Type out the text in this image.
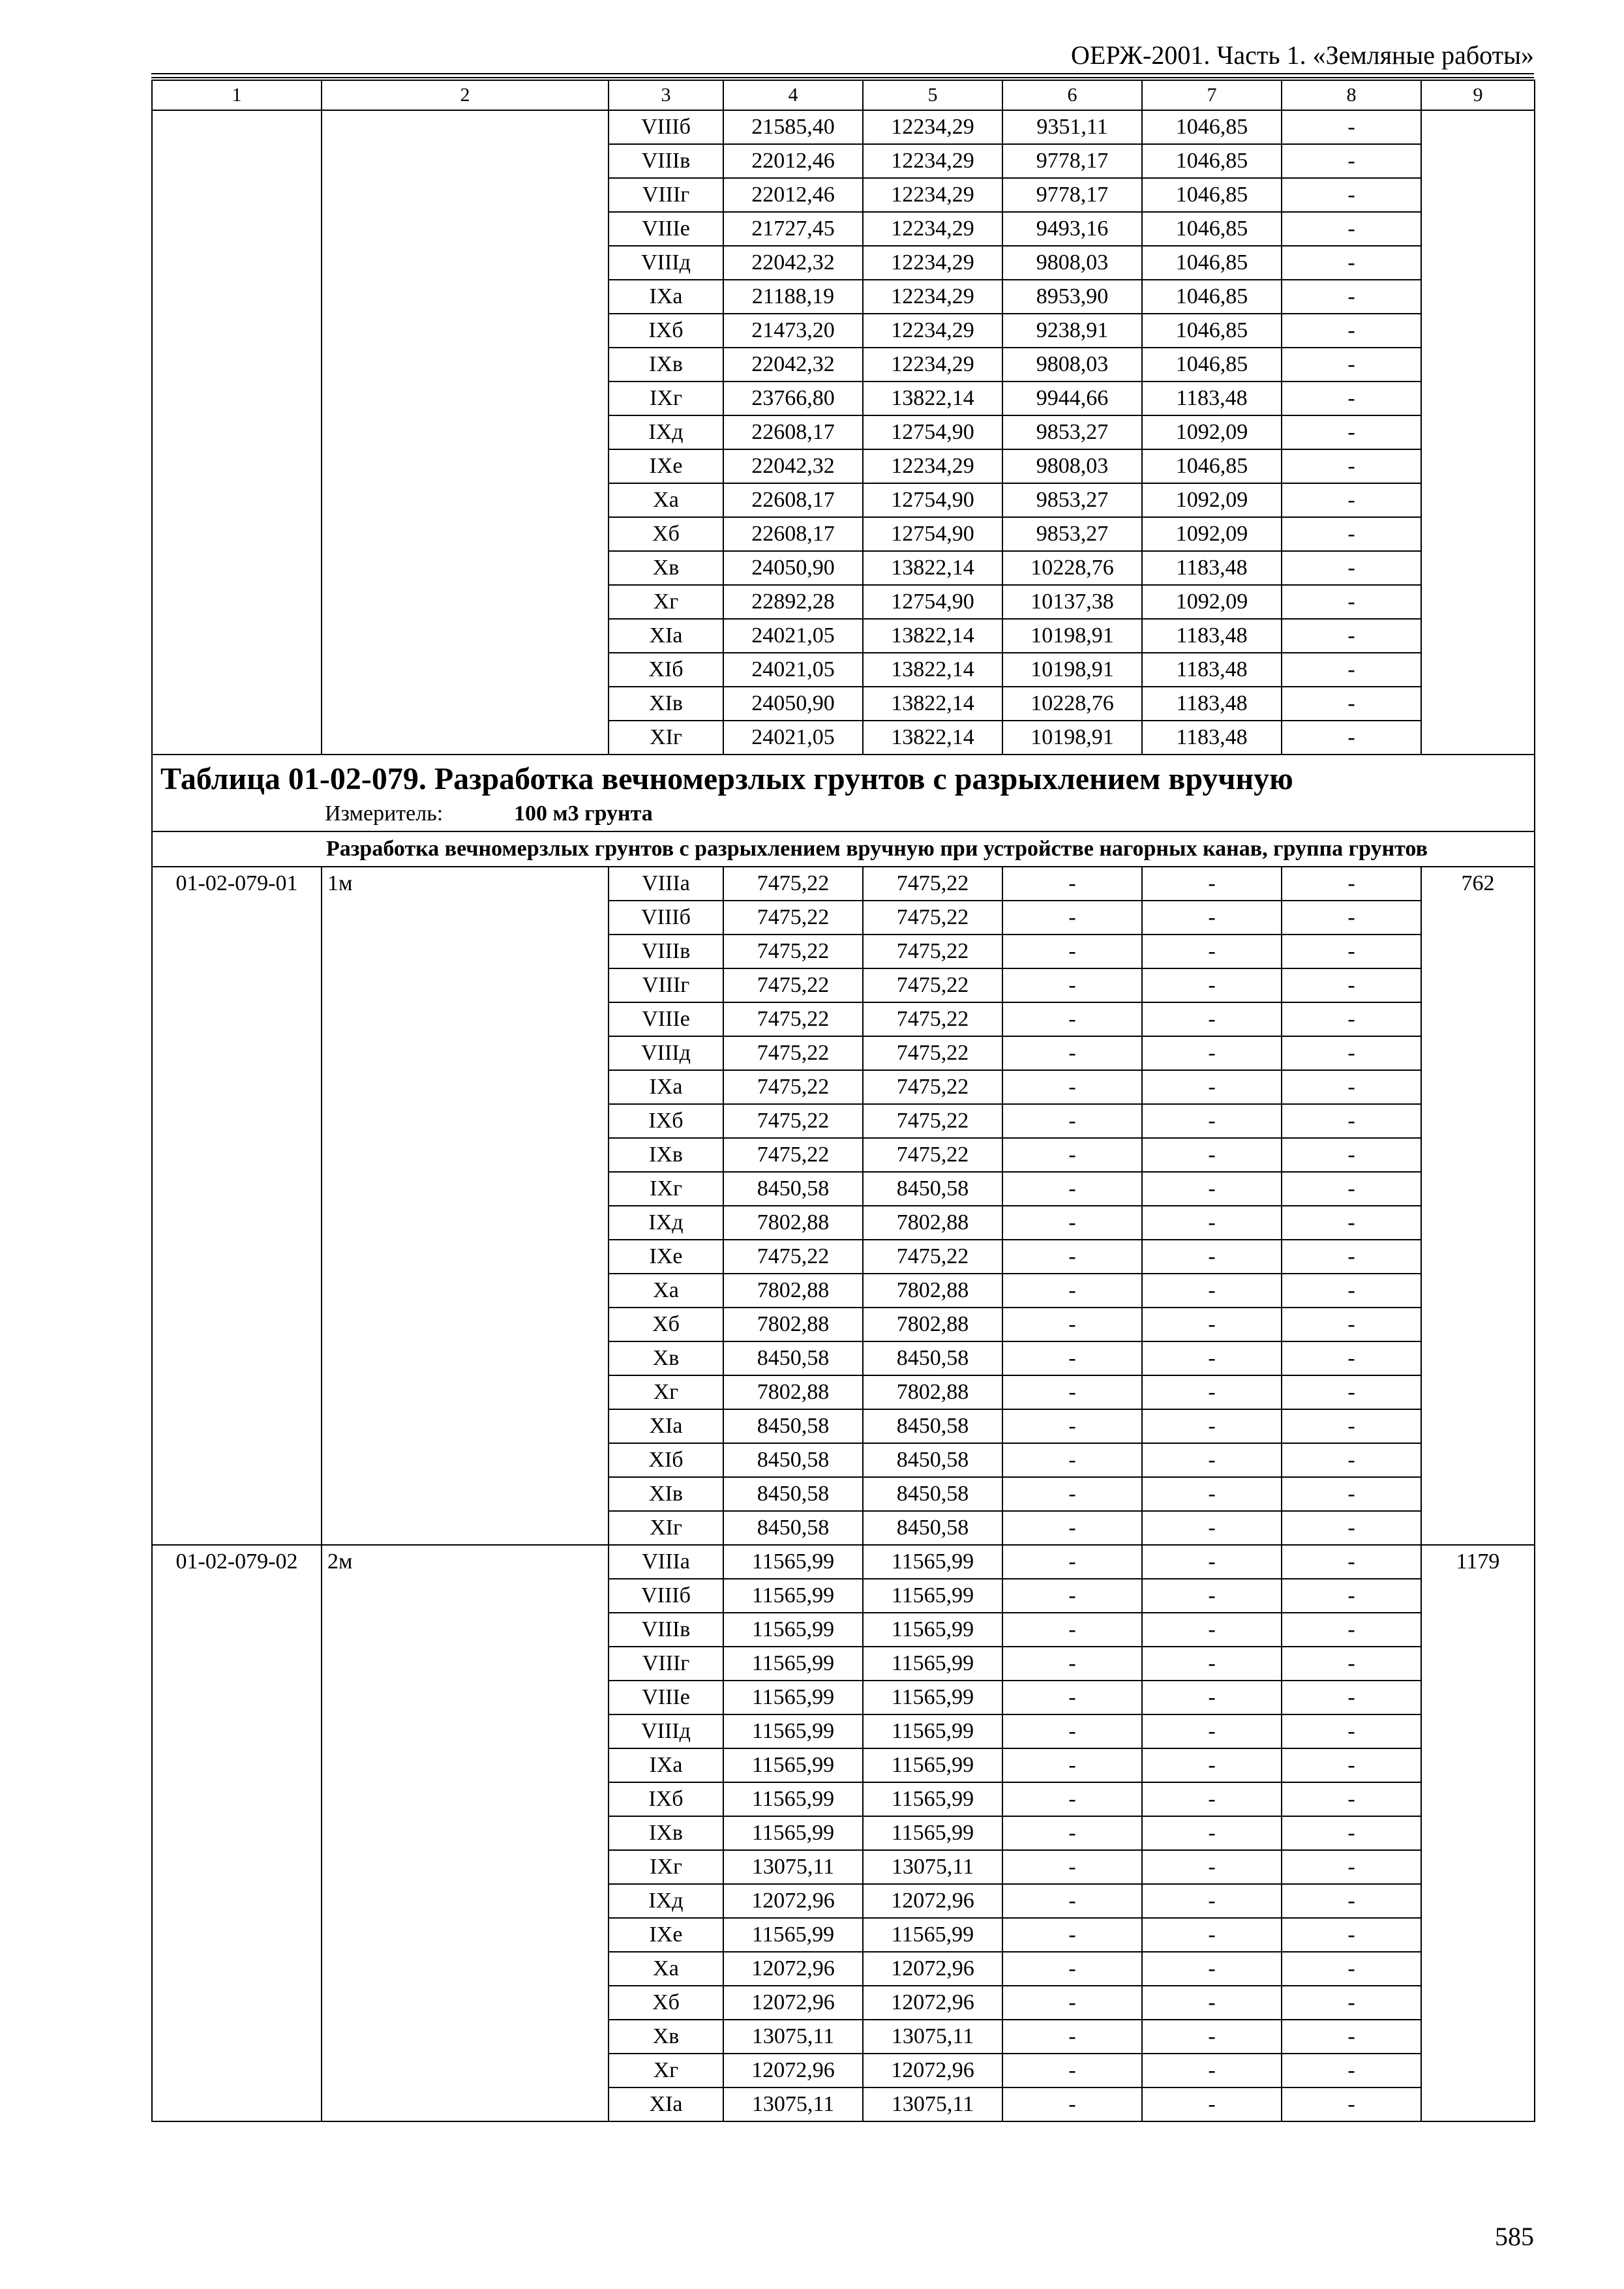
ОЕРЖ-2001. Часть 1. «Земляные работы»
1	2	3	4	5	6	7	8	9
		VIIIб	21585,40	12234,29	9351,11	1046,85	-	
		VIIIв	22012,46	12234,29	9778,17	1046,85	-	
		VIIIг	22012,46	12234,29	9778,17	1046,85	-	
		VIIIе	21727,45	12234,29	9493,16	1046,85	-	
		VIIIд	22042,32	12234,29	9808,03	1046,85	-	
		IXа	21188,19	12234,29	8953,90	1046,85	-	
		IXб	21473,20	12234,29	9238,91	1046,85	-	
		IXв	22042,32	12234,29	9808,03	1046,85	-	
		IXг	23766,80	13822,14	9944,66	1183,48	-	
		IXд	22608,17	12754,90	9853,27	1092,09	-	
		IXе	22042,32	12234,29	9808,03	1046,85	-	
		Xа	22608,17	12754,90	9853,27	1092,09	-	
		Xб	22608,17	12754,90	9853,27	1092,09	-	
		Xв	24050,90	13822,14	10228,76	1183,48	-	
		Xг	22892,28	12754,90	10137,38	1092,09	-	
		XIа	24021,05	13822,14	10198,91	1183,48	-	
		XIб	24021,05	13822,14	10198,91	1183,48	-	
		XIв	24050,90	13822,14	10228,76	1183,48	-	
		XIг	24021,05	13822,14	10198,91	1183,48	-	

Таблица 01-02-079. Разработка вечномерзлых грунтов с разрыхлением вручную
Измеритель: 100 м3 грунта								

Разработка вечномерзлых грунтов с разрыхлением вручную при устройстве нагорных канав, группа грунтов								
01-02-079-01	1м	VIIIа	7475,22	7475,22	-	-	-	762
		VIIIб	7475,22	7475,22	-	-	-	
		VIIIв	7475,22	7475,22	-	-	-	
		VIIIг	7475,22	7475,22	-	-	-	
		VIIIе	7475,22	7475,22	-	-	-	
		VIIIд	7475,22	7475,22	-	-	-	
		IXа	7475,22	7475,22	-	-	-	
		IXб	7475,22	7475,22	-	-	-	
		IXв	7475,22	7475,22	-	-	-	
		IXг	8450,58	8450,58	-	-	-	
		IXд	7802,88	7802,88	-	-	-	
		IXе	7475,22	7475,22	-	-	-	
		Xа	7802,88	7802,88	-	-	-	
		Xб	7802,88	7802,88	-	-	-	
		Xв	8450,58	8450,58	-	-	-	
		Xг	7802,88	7802,88	-	-	-	
		XIа	8450,58	8450,58	-	-	-	
		XIб	8450,58	8450,58	-	-	-	
		XIв	8450,58	8450,58	-	-	-	
		XIг	8450,58	8450,58	-	-	-	
01-02-079-02	2м	VIIIа	11565,99	11565,99	-	-	-	1179
		VIIIб	11565,99	11565,99	-	-	-	
		VIIIв	11565,99	11565,99	-	-	-	
		VIIIг	11565,99	11565,99	-	-	-	
		VIIIе	11565,99	11565,99	-	-	-	
		VIIIд	11565,99	11565,99	-	-	-	
		IXа	11565,99	11565,99	-	-	-	
		IXб	11565,99	11565,99	-	-	-	
		IXв	11565,99	11565,99	-	-	-	
		IXг	13075,11	13075,11	-	-	-	
		IXд	12072,96	12072,96	-	-	-	
		IXе	11565,99	11565,99	-	-	-	
		Xа	12072,96	12072,96	-	-	-	
		Xб	12072,96	12072,96	-	-	-	
		Xв	13075,11	13075,11	-	-	-	
		Xг	12072,96	12072,96	-	-	-	
		XIа	13075,11	13075,11	-	-	-	
585
